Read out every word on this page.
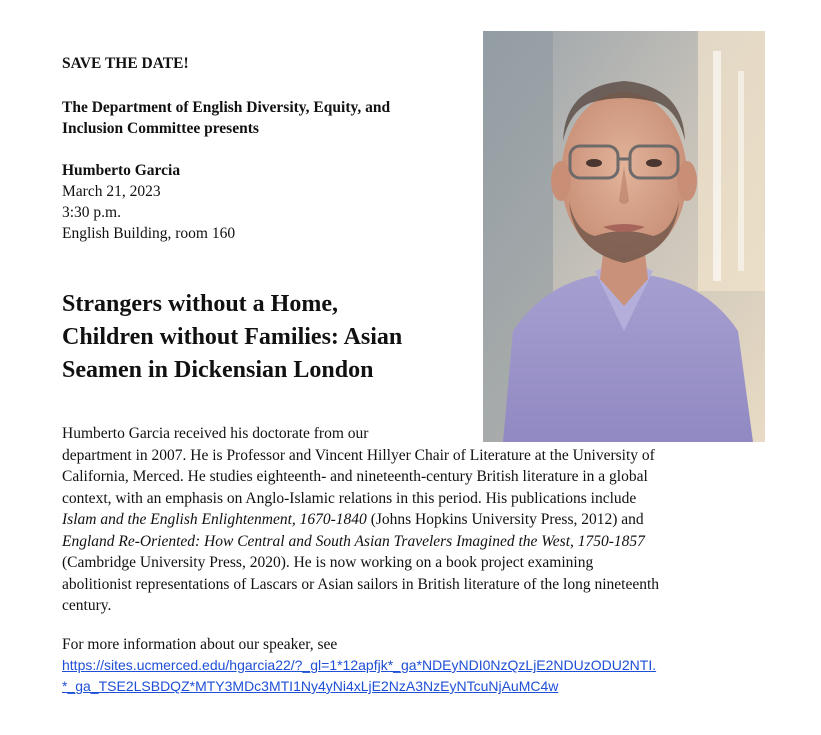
SAVE THE DATE!
The Department of English Diversity, Equity, and
Inclusion Committee presents
Humberto Garcia
March 21, 2023
3:30 p.m.
English Building, room 160
Strangers without a Home,
Children without Families: Asian
Seamen in Dickensian London
Humberto Garcia received his doctorate from our
department in 2007. He is Professor and Vincent Hillyer Chair of Literature at the University of
California, Merced. He studies eighteenth- and nineteenth-century British literature in a global
context, with an emphasis on Anglo-Islamic relations in this period. His publications include
Islam and the English Enlightenment, 1670-1840 (Johns Hopkins University Press, 2012) and
England Re-Oriented: How Central and South Asian Travelers Imagined the West, 1750-1857
(Cambridge University Press, 2020). He is now working on a book project examining
abolitionist representations of Lascars or Asian sailors in British literature of the long nineteenth
century.
For more information about our speaker, see
https://sites.ucmerced.edu/hgarcia22/?_gl=1*12apfjk*_ga*NDEyNDI0NzQzLjE2NDUzODU2NTI.
*_ga_TSE2LSBDQZ*MTY3MDc3MTI1Ny4yNi4xLjE2NzA3NzEyNTcuNjAuMC4w
